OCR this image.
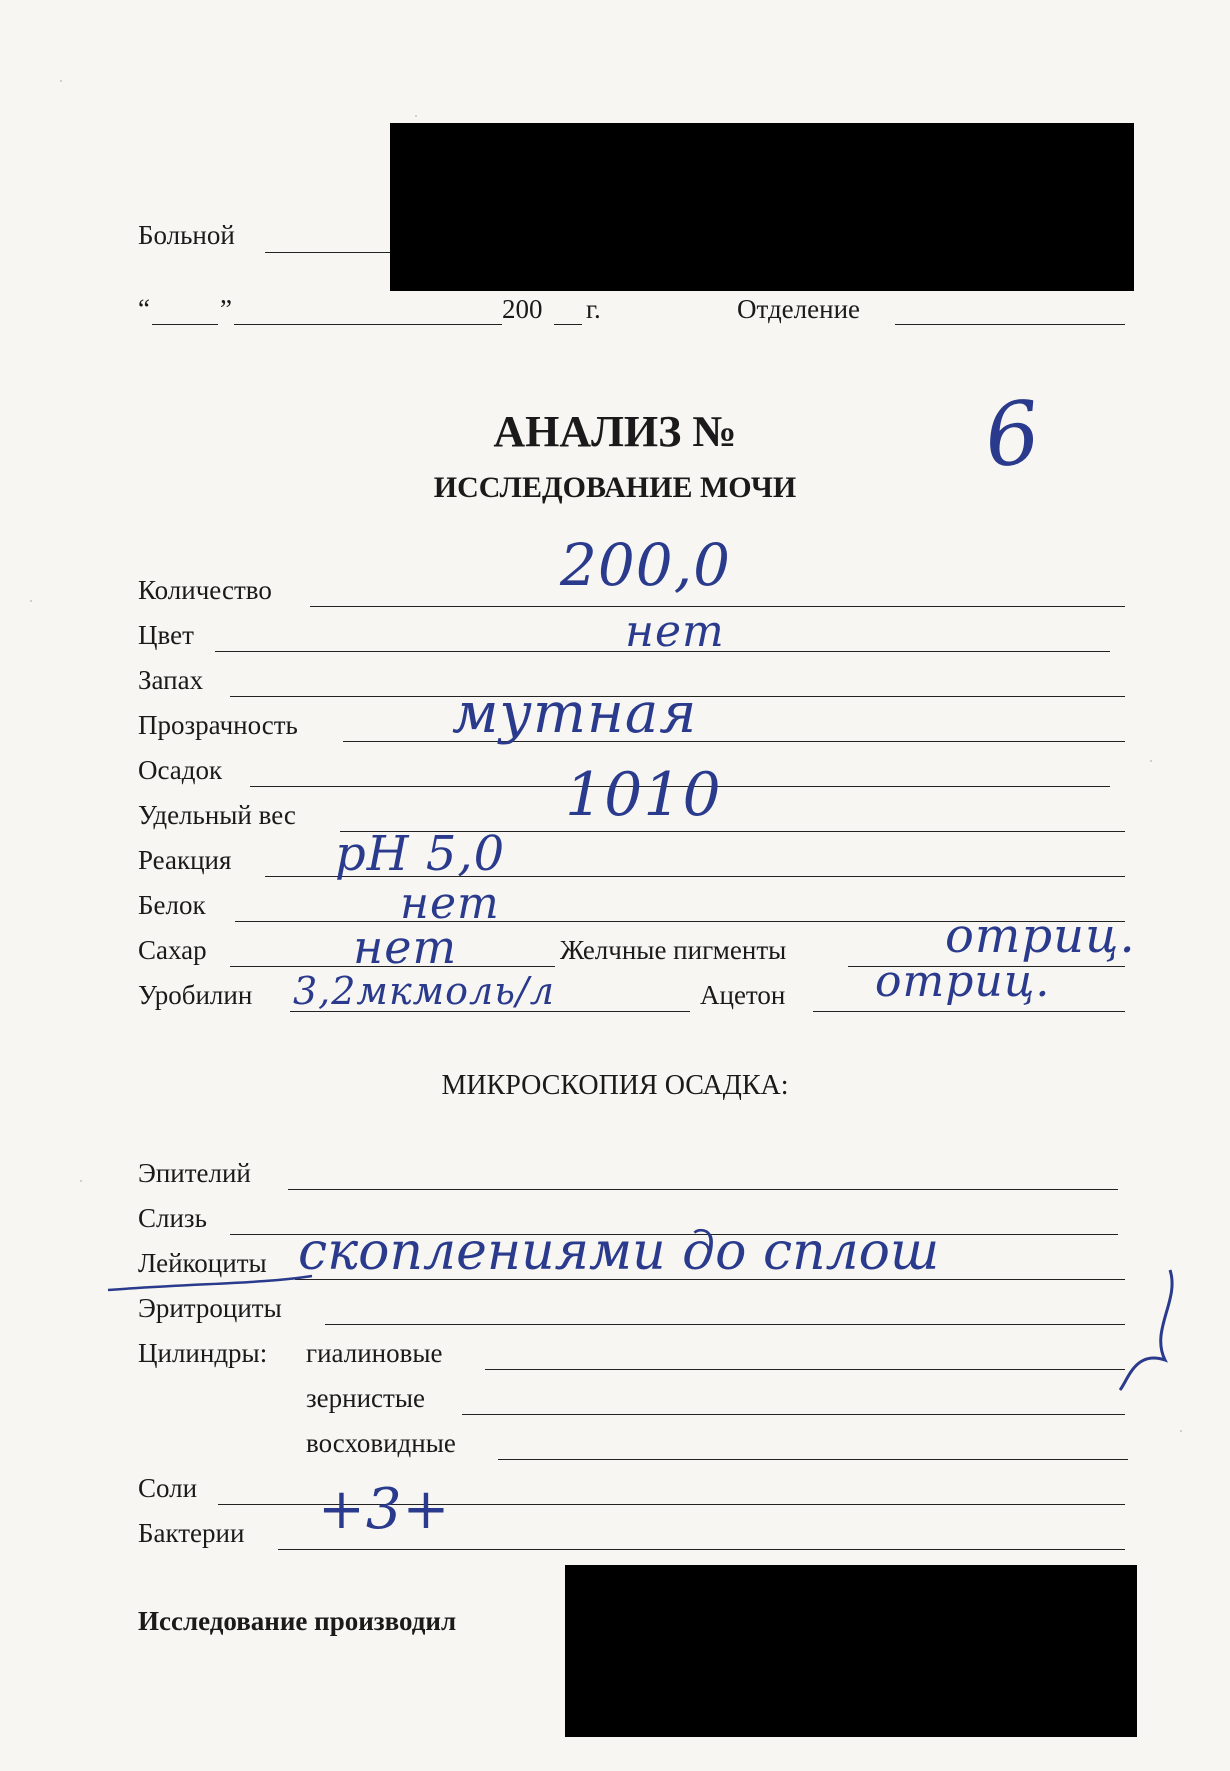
Больной
“	”	200 г.	Отделение
АНАЛИЗ №	6
ИССЛЕДОВАНИЕ МОЧИ
Количество	200,0
Цвет	нет
Запах
Прозрачность	мутная
Осадок
Удельный вес	1010
Реакция pH 5,0
Белок	нет
Сахар	нет	Желчные пигменты	отриц.
Уробилин 3,2мкмоль/л	Ацетон отриц.
МИКРОСКОПИЯ ОСАДКА:
Эпителий
Слизь
Лейкоциты скоплениями до сплош
Эритроциты
Цилиндры: гиалиновые
зернистые
восховидные
Соли
Бактерии +3+
Исследование производил
